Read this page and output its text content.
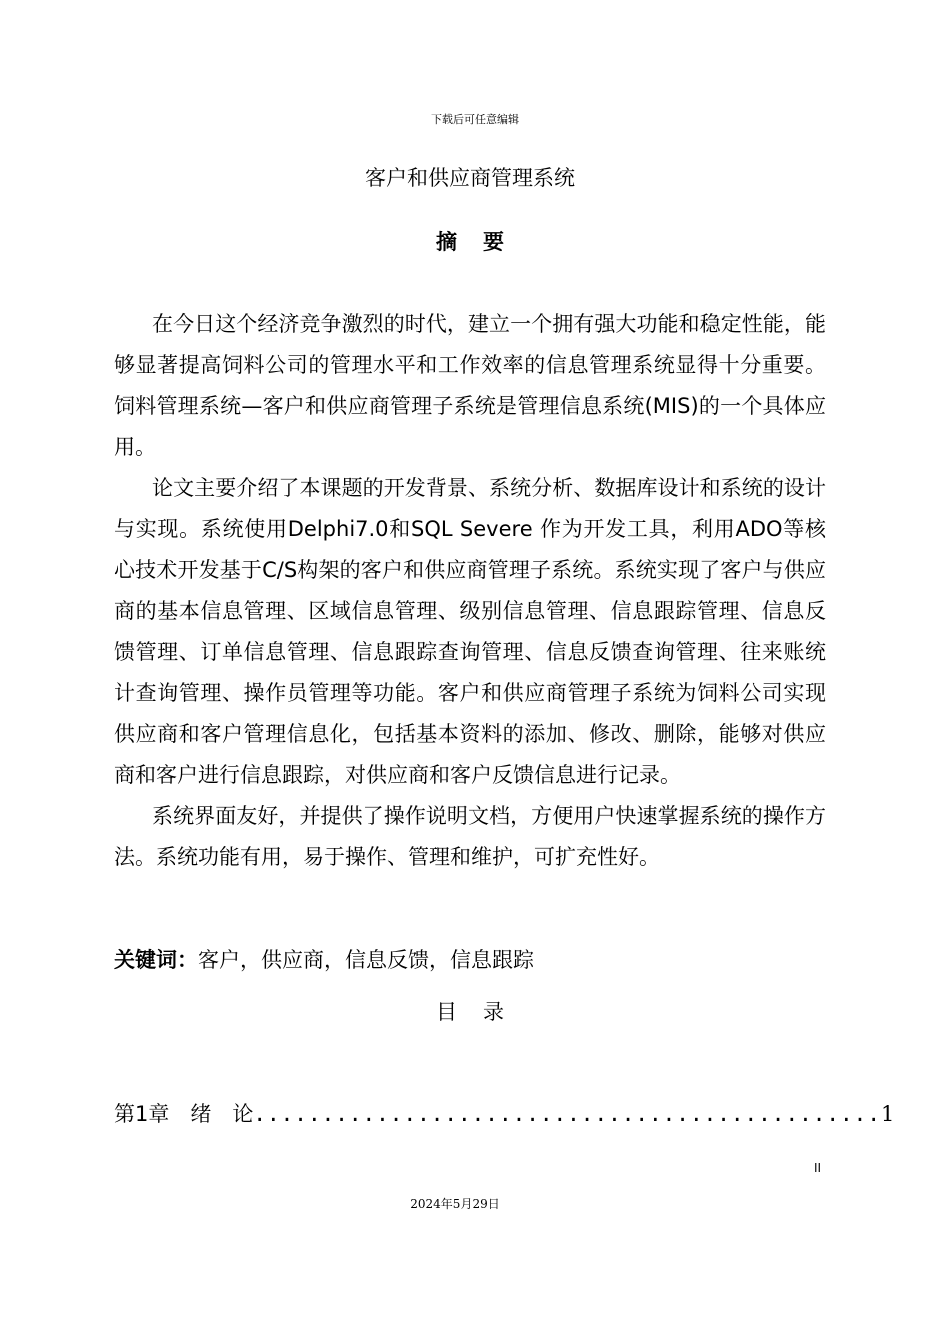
下载后可任意编辑
客户和供应商管理系统
摘要

在今日这个经济竞争激烈的时代，建立一个拥有强大功能和稳定性能，能够显著提高饲料公司的管理水平和工作效率的信息管理系统显得十分重要。饲料管理系统—客户和供应商管理子系统是管理信息系统(MIS)的一个具体应用。

论文主要介绍了本课题的开发背景、系统分析、数据库设计和系统的设计与实现。系统使用Delphi7.0和SQL Severe 作为开发工具，利用ADO等核心技术开发基于C/S构架的客户和供应商管理子系统。系统实现了客户与供应商的基本信息管理、区域信息管理、级别信息管理、信息跟踪管理、信息反馈管理、订单信息管理、信息跟踪查询管理、信息反馈查询管理、往来账统计查询管理、操作员管理等功能。客户和供应商管理子系统为饲料公司实现供应商和客户管理信息化，包括基本资料的添加、修改、删除，能够对供应商和客户进行信息跟踪，对供应商和客户反馈信息进行记录。

系统界面友好，并提供了操作说明文档，方便用户快速掌握系统的操作方法。系统功能有用，易于操作、管理和维护，可扩充性好。

关键词：客户，供应商，信息反馈，信息跟踪
目录
第1章　绪　论 .............................................. 1
II
2024年5月29日
